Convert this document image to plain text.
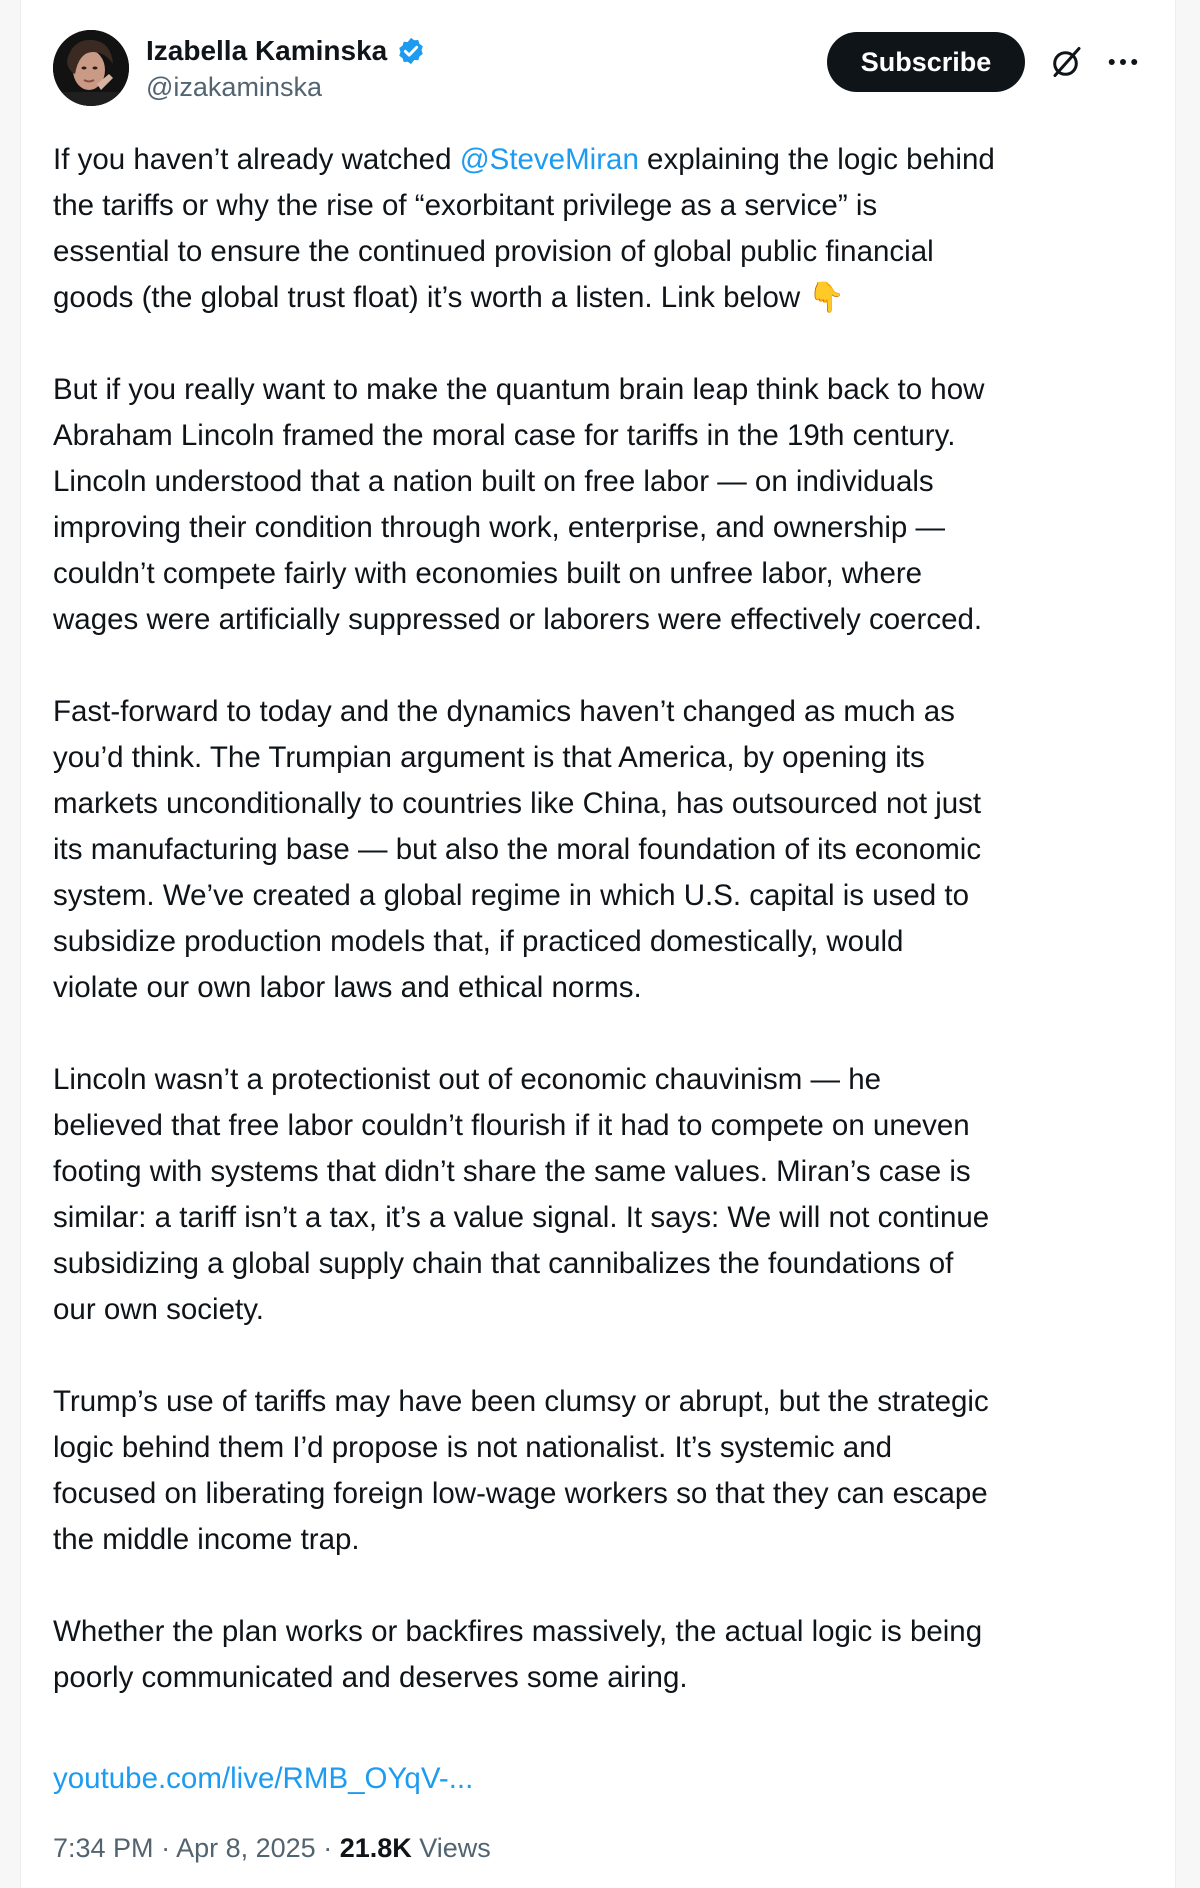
Izabella Kaminska
@izakaminska
Subscribe

If you haven’t already watched @SteveMiran explaining the logic behind
the tariffs or why the rise of “exorbitant privilege as a service” is
essential to ensure the continued provision of global public financial
goods (the global trust float) it’s worth a listen. Link below 👇

But if you really want to make the quantum brain leap think back to how
Abraham Lincoln framed the moral case for tariffs in the 19th century.
Lincoln understood that a nation built on free labor — on individuals
improving their condition through work, enterprise, and ownership —
couldn’t compete fairly with economies built on unfree labor, where
wages were artificially suppressed or laborers were effectively coerced.

Fast-forward to today and the dynamics haven’t changed as much as
you’d think. The Trumpian argument is that America, by opening its
markets unconditionally to countries like China, has outsourced not just
its manufacturing base — but also the moral foundation of its economic
system. We’ve created a global regime in which U.S. capital is used to
subsidize production models that, if practiced domestically, would
violate our own labor laws and ethical norms.

Lincoln wasn’t a protectionist out of economic chauvinism — he
believed that free labor couldn’t flourish if it had to compete on uneven
footing with systems that didn’t share the same values. Miran’s case is
similar: a tariff isn’t a tax, it’s a value signal. It says: We will not continue
subsidizing a global supply chain that cannibalizes the foundations of
our own society.

Trump’s use of tariffs may have been clumsy or abrupt, but the strategic
logic behind them I’d propose is not nationalist. It’s systemic and
focused on liberating foreign low-wage workers so that they can escape
the middle income trap.

Whether the plan works or backfires massively, the actual logic is being
poorly communicated and deserves some airing.

youtube.com/live/RMB_OYqV-...
7:34 PM · Apr 8, 2025 · 21.8K Views
